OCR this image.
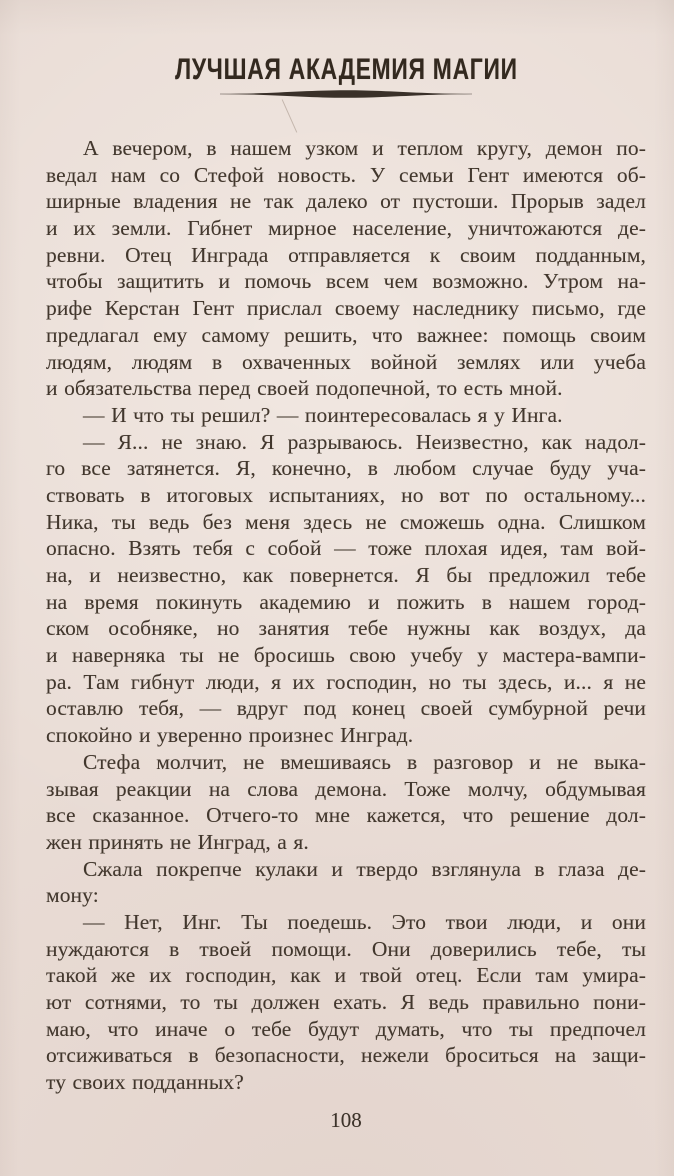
ЛУЧШАЯ АКАДЕМИЯ МАГИИ
А вечером, в нашем узком и теплом кругу, демон по-
ведал нам со Стефой новость. У семьи Гент имеются об-
ширные владения не так далеко от пустоши. Прорыв задел
и их земли. Гибнет мирное население, уничтожаются де-
ревни. Отец Инграда отправляется к своим подданным,
чтобы защитить и помочь всем чем возможно. Утром на-
рифе Керстан Гент прислал своему наследнику письмо, где
предлагал ему самому решить, что важнее: помощь своим
людям, людям в охваченных войной землях или учеба
и обязательства перед своей подопечной, то есть мной.
— И что ты решил? — поинтересовалась я у Инга.
— Я... не знаю. Я разрываюсь. Неизвестно, как надол-
го все затянется. Я, конечно, в любом случае буду уча-
ствовать в итоговых испытаниях, но вот по остальному...
Ника, ты ведь без меня здесь не сможешь одна. Слишком
опасно. Взять тебя с собой — тоже плохая идея, там вой-
на, и неизвестно, как повернется. Я бы предложил тебе
на время покинуть академию и пожить в нашем город-
ском особняке, но занятия тебе нужны как воздух, да
и наверняка ты не бросишь свою учебу у мастера-вампи-
ра. Там гибнут люди, я их господин, но ты здесь, и... я не
оставлю тебя, — вдруг под конец своей сумбурной речи
спокойно и уверенно произнес Инград.
Стефа молчит, не вмешиваясь в разговор и не выка-
зывая реакции на слова демона. Тоже молчу, обдумывая
все сказанное. Отчего-то мне кажется, что решение дол-
жен принять не Инград, а я.
Сжала покрепче кулаки и твердо взглянула в глаза де-
мону:
— Нет, Инг. Ты поедешь. Это твои люди, и они
нуждаются в твоей помощи. Они доверились тебе, ты
такой же их господин, как и твой отец. Если там умира-
ют сотнями, то ты должен ехать. Я ведь правильно пони-
маю, что иначе о тебе будут думать, что ты предпочел
отсиживаться в безопасности, нежели броситься на защи-
ту своих подданных?
108
